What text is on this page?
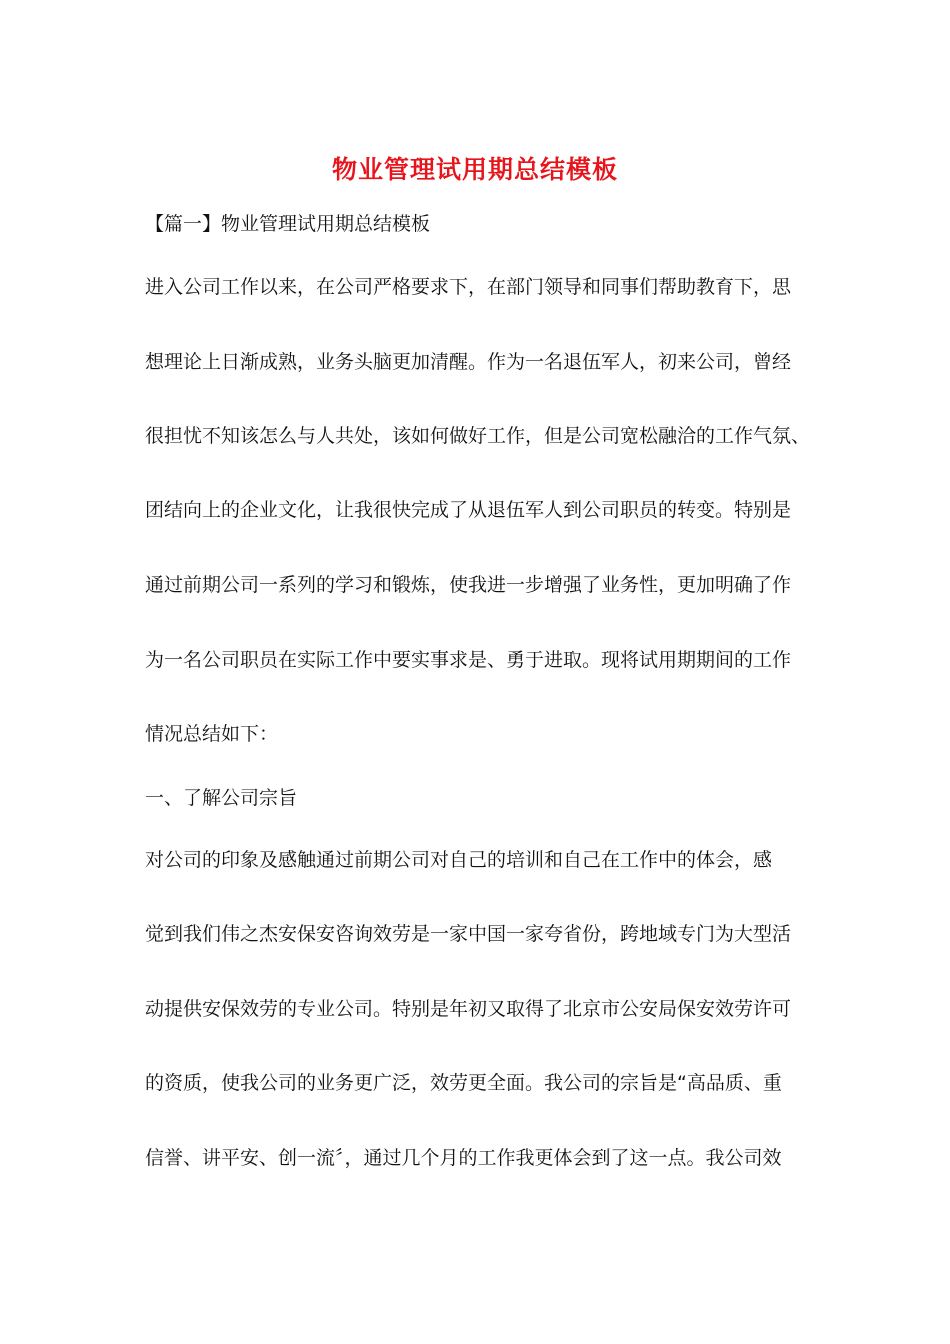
物业管理试用期总结模板
【篇一】物业管理试用期总结模板
进入公司工作以来，在公司严格要求下，在部门领导和同事们帮助教育下，思
想理论上日渐成熟，业务头脑更加清醒。作为一名退伍军人，初来公司，曾经
很担忧不知该怎么与人共处，该如何做好工作，但是公司宽松融洽的工作气氛、
团结向上的企业文化，让我很快完成了从退伍军人到公司职员的转变。特别是
通过前期公司一系列的学习和锻炼，使我进一步增强了业务性，更加明确了作
为一名公司职员在实际工作中要实事求是、勇于进取。现将试用期期间的工作
情况总结如下：
一、了解公司宗旨
对公司的印象及感触通过前期公司对自己的培训和自己在工作中的体会，感
觉到我们伟之杰安保安咨询效劳是一家中国一家夸省份，跨地域专门为大型活
动提供安保效劳的专业公司。特别是年初又取得了北京市公安局保安效劳许可
的资质，使我公司的业务更广泛，效劳更全面。我公司的宗旨是“高品质、重
信誉、讲平安、创一流〞，通过几个月的工作我更体会到了这一点。我公司效
